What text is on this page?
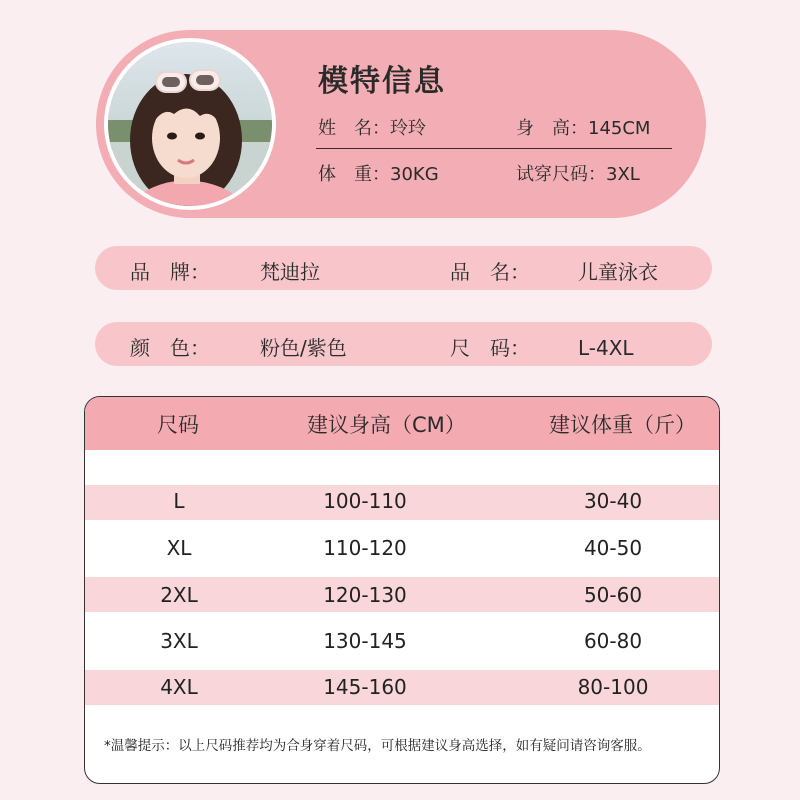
模特信息
姓　名：玲玲	身　高：145CM
体　重：30KG	试穿尺码：3XL
品　牌：	梵迪拉	品　名： 儿童泳衣
颜　色：	粉色/紫色	尺　码： L-4XL
尺码	建议身高（CM）	建议体重（斤）
L	100-110	30-40
XL	110-120	40-50
2XL	120-130	50-60
3XL	130-145	60-80
4XL	145-160	80-100
*温馨提示：以上尺码推荐均为合身穿着尺码，可根据建议身高选择，如有疑问请咨询客服。
